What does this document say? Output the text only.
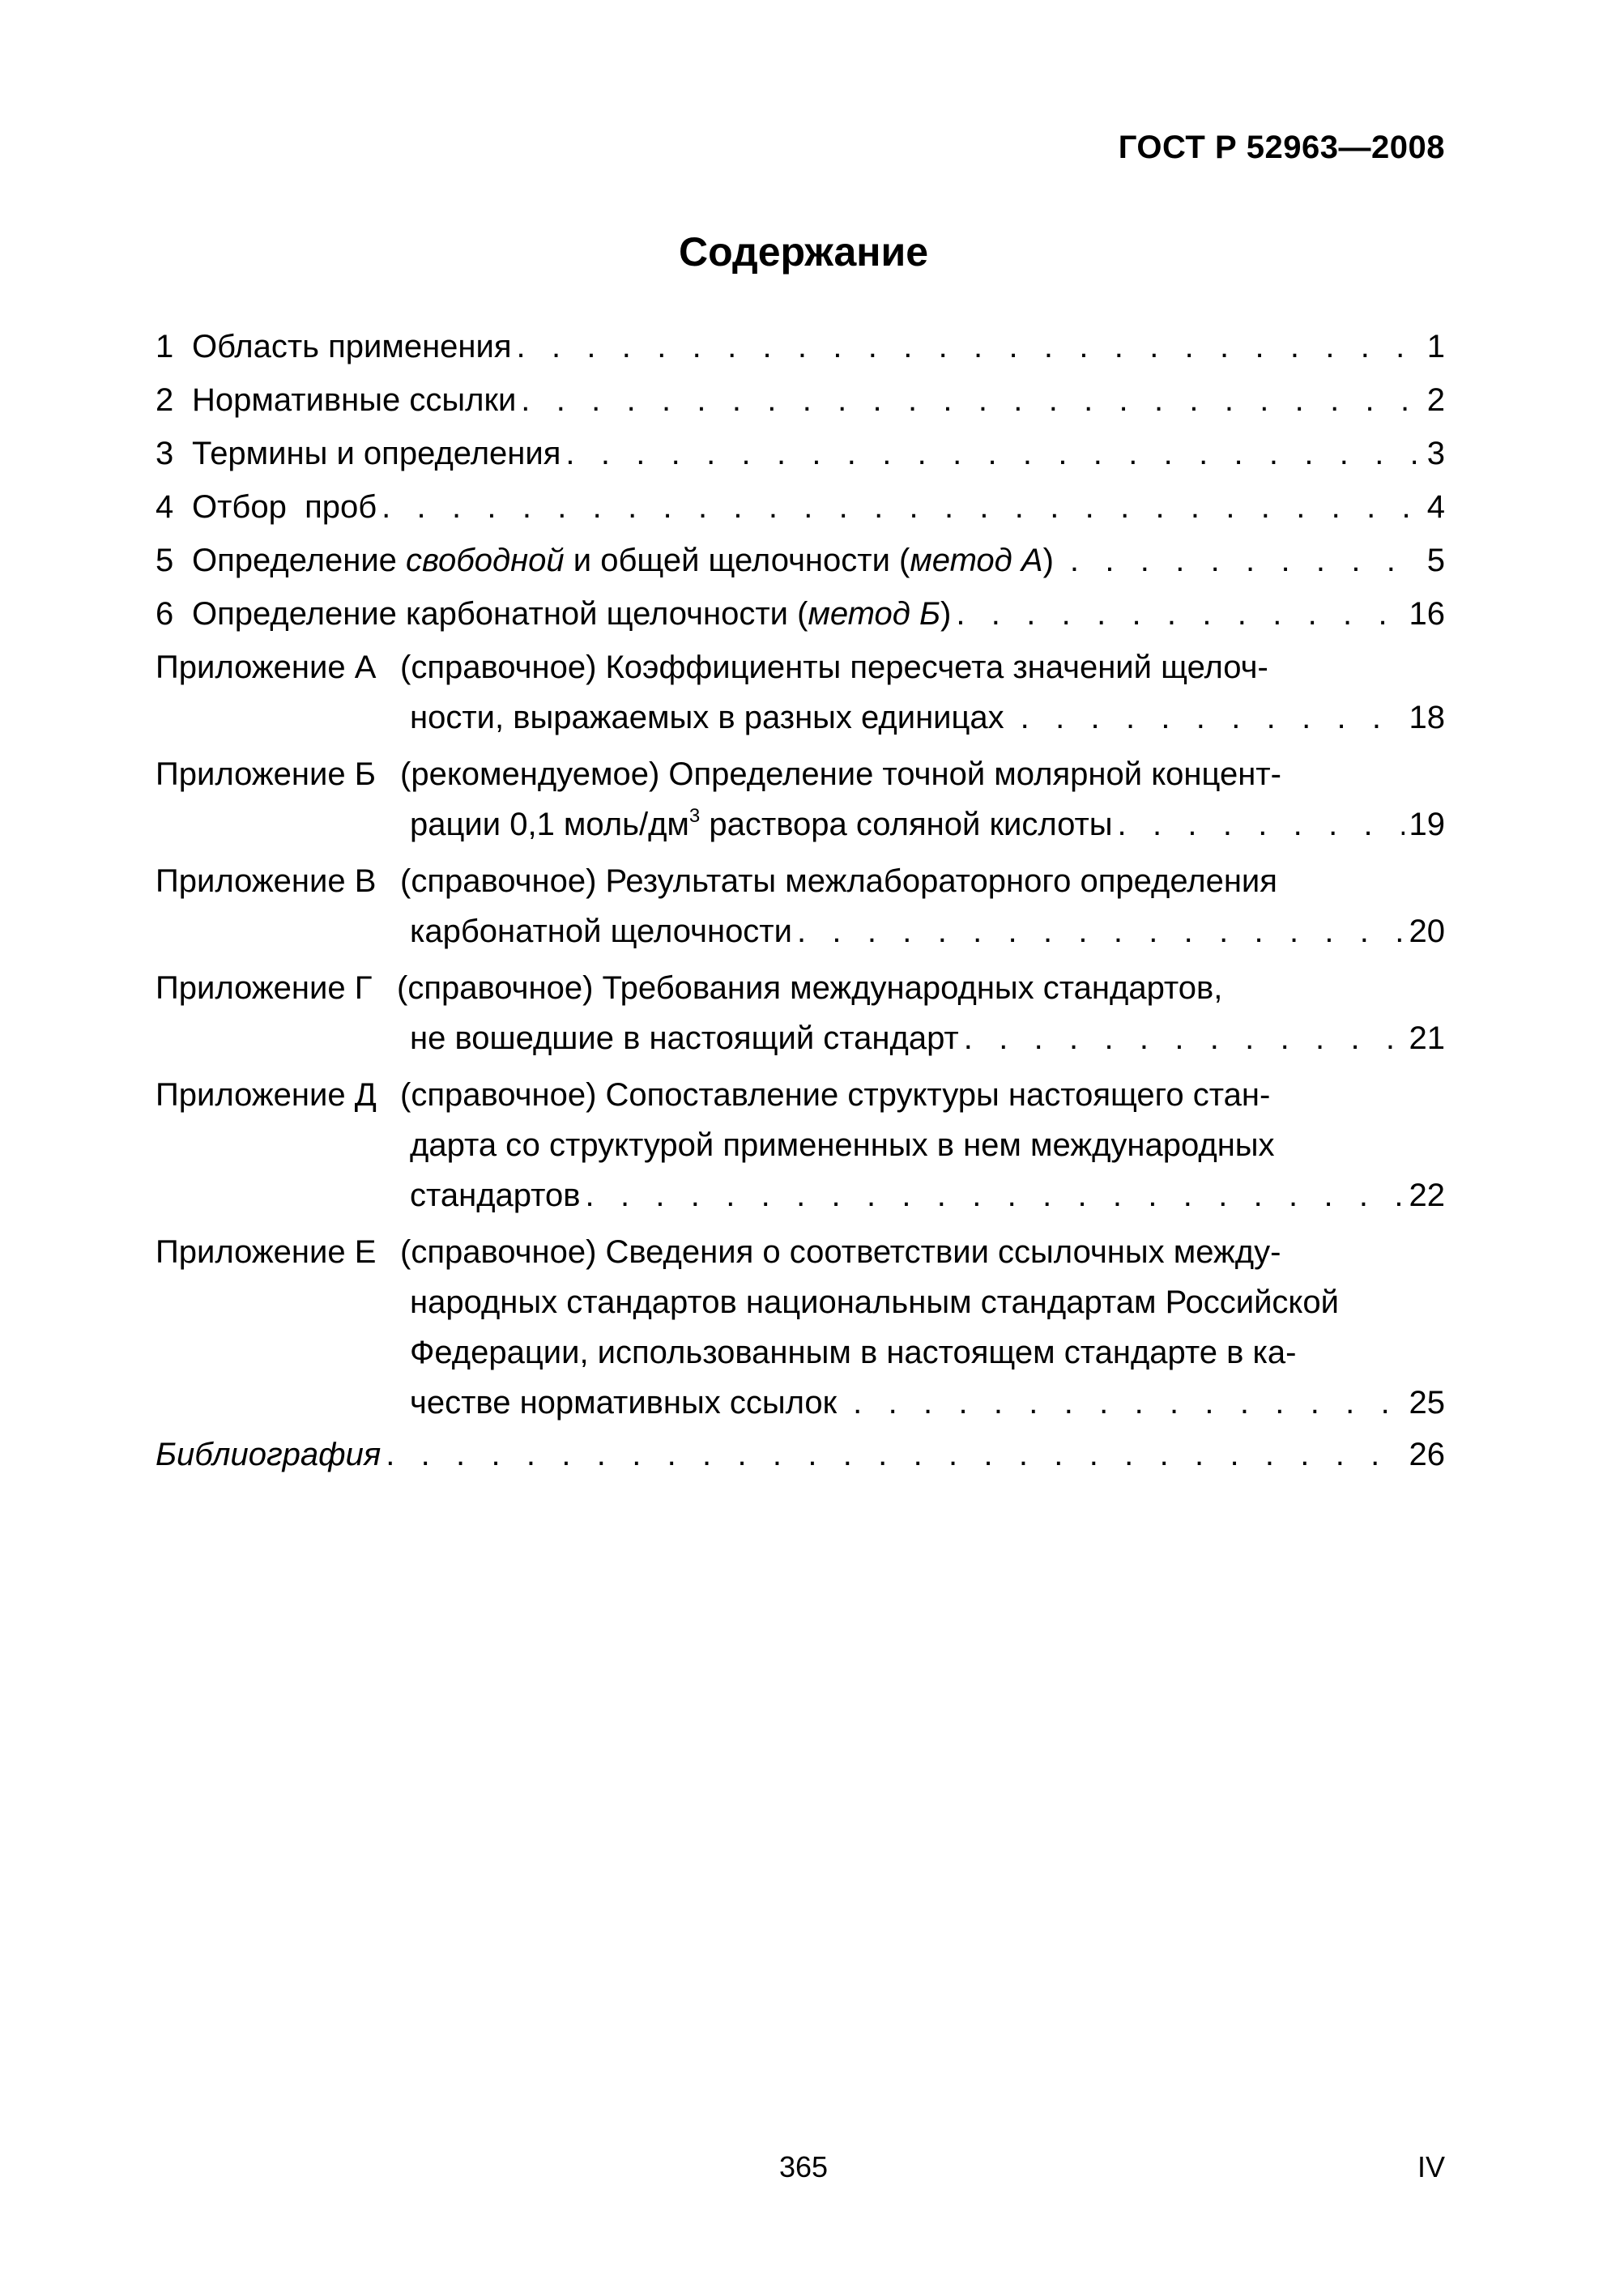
ГОСТ Р 52963—2008
Содержание
1 Область применения . . .	1
2 Нормативные ссылки . . .	2
3 Термины и определения . . .	3
4 Отбор  проб . . .	4
5 Определение свободной и общей щелочности (метод А) . . .	5
6 Определение карбонатной щелочности (метод Б) . . .	16
Приложение А (справочное) Коэффициенты пересчета значений щелоч-
ности, выражаемых в разных единицах . . .	18
Приложение Б (рекомендуемое) Определение точной молярной концент-
рации 0,1 моль/$дм^3$ раствора соляной кислоты . . .	19
Приложение В (справочное) Результаты межлабораторного определения
карбонатной щелочности . . .	20
Приложение Г (справочное) Требования международных стандартов,
не вошедшие в настоящий стандарт . . .	21
Приложение Д (справочное) Сопоставление структуры настоящего стан-
дарта со структурой примененных в нем международных
стандартов . . .	22
Приложение Е (справочное) Сведения о соответствии ссылочных между-
народных стандартов национальным стандартам Российской
Федерации, использованным в настоящем стандарте в ка-
честве нормативных ссылок . . .	25
Библиография . . .	26
365	IV
